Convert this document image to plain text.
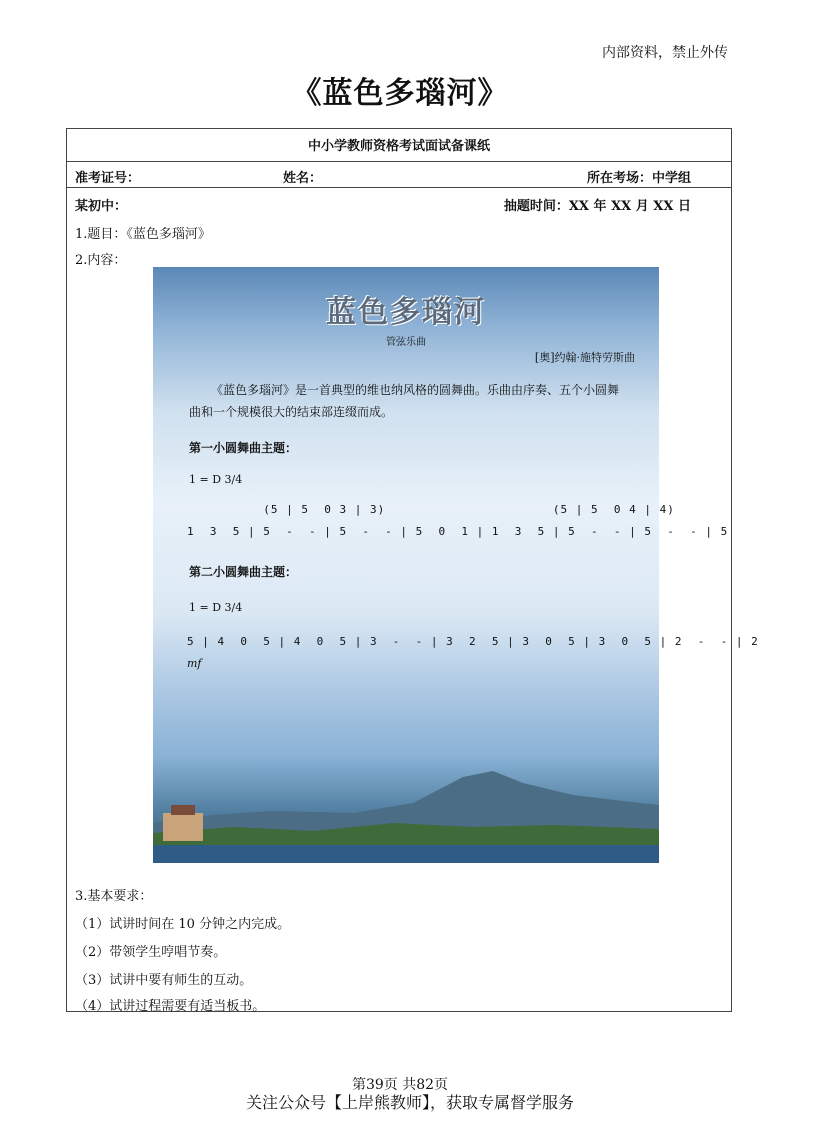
内部资料，禁止外传
《蓝色多瑙河》
中小学教师资格考试面试备课纸
准考证号：	姓名：	所在考场：中学组
某初中：	抽题时间：XX 年 XX 月 XX 日
1.题目：《蓝色多瑙河》
2.内容：
蓝色多瑙河
管弦乐曲
[奥]约翰·施特劳斯曲
《蓝色多瑙河》是一首典型的维也纳风格的圆舞曲。乐曲由序奏、五个小圆舞曲和一个规模很大的结束部连缀而成。
第一小圆舞曲主题：
1 = D 3/4
(5 | 5  0 3 | 3)                      (5 | 5  0 4 | 4)
1  3  5 | 5  -  - | 5  -  - | 5  0  1 | 1  3  5 | 5  -  - | 5  -  - | 5
第二小圆舞曲主题：
1 = D 3/4
5 | 4  0  5 | 4  0  5 | 3  -  - | 3  2  5 | 3  0  5 | 3  0  5 | 2  -  - | 2
mf
3.基本要求：
（1）试讲时间在 10 分钟之内完成。
（2）带领学生哼唱节奏。
（3）试讲中要有师生的互动。
（4）试讲过程需要有适当板书。
第39页 共82页
关注公众号【上岸熊教师】，获取专属督学服务
